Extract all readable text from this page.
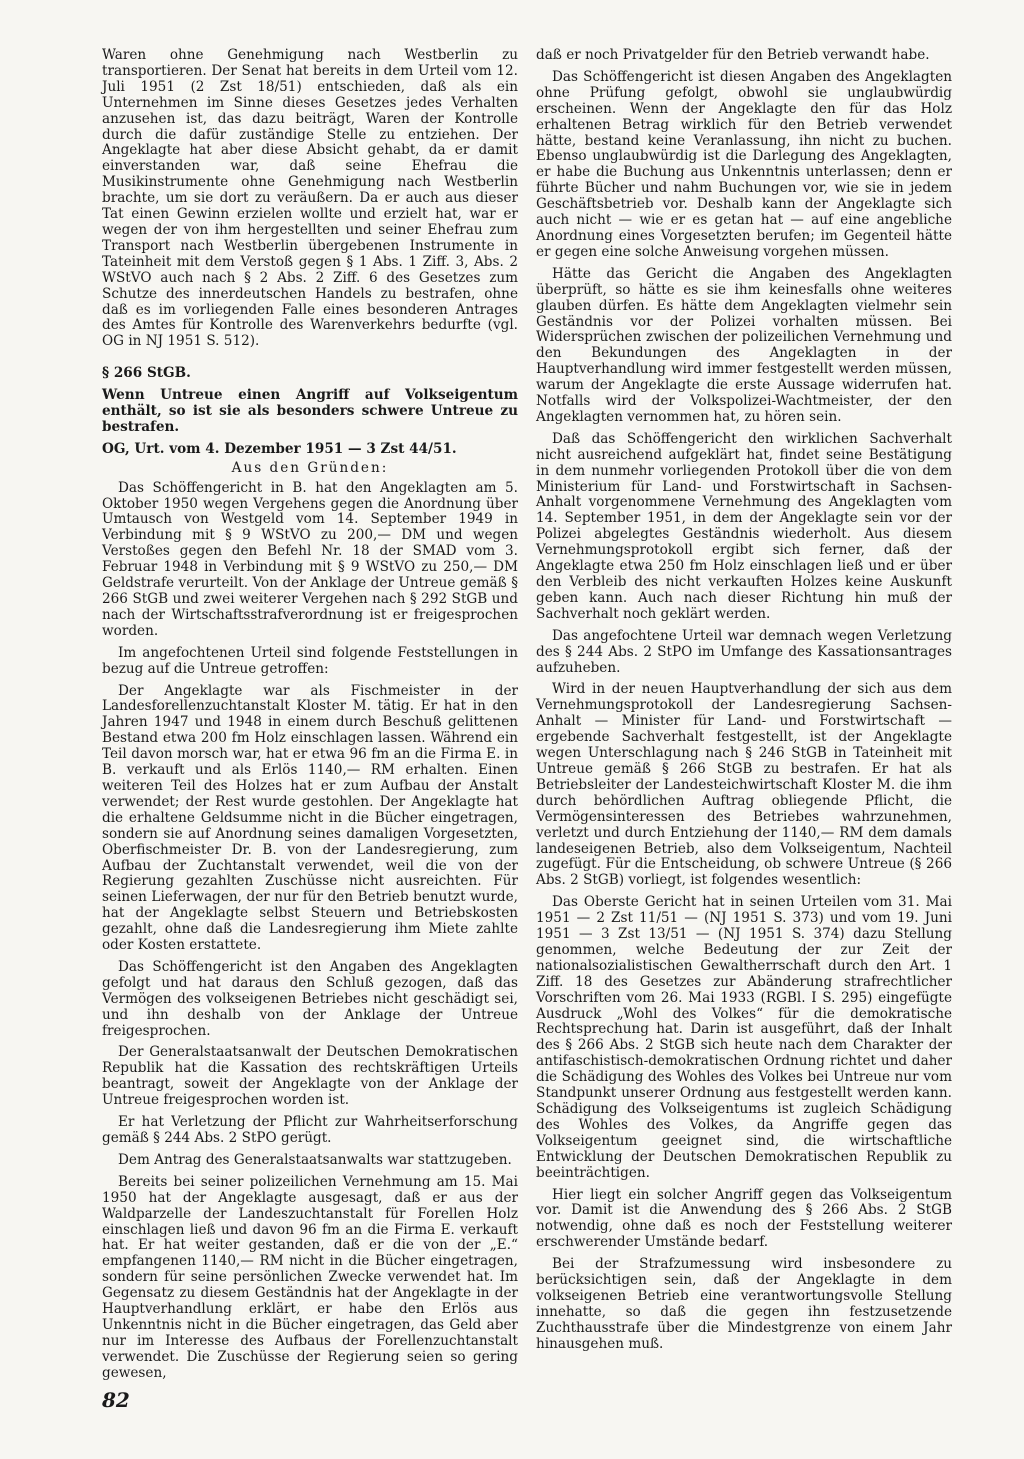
Waren ohne Genehmigung nach Westberlin zu transportieren. Der Senat hat bereits in dem Urteil vom 12. Juli 1951 (2 Zst 18/51) entschieden, daß als ein Unternehmen im Sinne dieses Gesetzes jedes Verhalten anzusehen ist, das dazu beiträgt, Waren der Kontrolle durch die dafür zuständige Stelle zu entziehen. Der Angeklagte hat aber diese Absicht gehabt, da er damit einverstanden war, daß seine Ehefrau die Musikinstrumente ohne Genehmigung nach Westberlin brachte, um sie dort zu veräußern. Da er auch aus dieser Tat einen Gewinn erzielen wollte und erzielt hat, war er wegen der von ihm hergestellten und seiner Ehefrau zum Transport nach Westberlin übergebenen Instrumente in Tateinheit mit dem Verstoß gegen § 1 Abs. 1 Ziff. 3, Abs. 2 WStVO auch nach § 2 Abs. 2 Ziff. 6 des Gesetzes zum Schutze des innerdeutschen Handels zu bestrafen, ohne daß es im vorliegenden Falle eines besonderen Antrages des Amtes für Kontrolle des Warenverkehrs bedurfte (vgl. OG in NJ 1951 S. 512).

§ 266 StGB.

Wenn Untreue einen Angriff auf Volkseigentum enthält, so ist sie als besonders schwere Untreue zu bestrafen.

OG, Urt. vom 4. Dezember 1951 — 3 Zst 44/51.

Aus den Gründen:

Das Schöffengericht in B. hat den Angeklagten am 5. Oktober 1950 wegen Vergehens gegen die Anordnung über Umtausch von Westgeld vom 14. September 1949 in Verbindung mit § 9 WStVO zu 200,— DM und wegen Verstoßes gegen den Befehl Nr. 18 der SMAD vom 3. Februar 1948 in Verbindung mit § 9 WStVO zu 250,— DM Geldstrafe verurteilt. Von der Anklage der Untreue gemäß § 266 StGB und zwei weiterer Vergehen nach § 292 StGB und nach der Wirtschaftsstrafverordnung ist er freigesprochen worden.

Im angefochtenen Urteil sind folgende Feststellungen in bezug auf die Untreue getroffen:

Der Angeklagte war als Fischmeister in der Landesforellenzuchtanstalt Kloster M. tätig. Er hat in den Jahren 1947 und 1948 in einem durch Beschuß gelittenen Bestand etwa 200 fm Holz einschlagen lassen. Während ein Teil davon morsch war, hat er etwa 96 fm an die Firma E. in B. verkauft und als Erlös 1140,— RM erhalten. Einen weiteren Teil des Holzes hat er zum Aufbau der Anstalt verwendet; der Rest wurde gestohlen. Der Angeklagte hat die erhaltene Geldsumme nicht in die Bücher eingetragen, sondern sie auf Anordnung seines damaligen Vorgesetzten, Oberfischmeister Dr. B. von der Landesregierung, zum Aufbau der Zuchtanstalt verwendet, weil die von der Regierung gezahlten Zuschüsse nicht ausreichten. Für seinen Lieferwagen, der nur für den Betrieb benutzt wurde, hat der Angeklagte selbst Steuern und Betriebskosten gezahlt, ohne daß die Landesregierung ihm Miete zahlte oder Kosten erstattete.

Das Schöffengericht ist den Angaben des Angeklagten gefolgt und hat daraus den Schluß gezogen, daß das Vermögen des volkseigenen Betriebes nicht geschädigt sei, und ihn deshalb von der Anklage der Untreue freigesprochen.

Der Generalstaatsanwalt der Deutschen Demokratischen Republik hat die Kassation des rechtskräftigen Urteils beantragt, soweit der Angeklagte von der Anklage der Untreue freigesprochen worden ist.

Er hat Verletzung der Pflicht zur Wahrheitserforschung gemäß § 244 Abs. 2 StPO gerügt.

Dem Antrag des Generalstaatsanwalts war stattzugeben.

Bereits bei seiner polizeilichen Vernehmung am 15. Mai 1950 hat der Angeklagte ausgesagt, daß er aus der Waldparzelle der Landeszuchtanstalt für Forellen Holz einschlagen ließ und davon 96 fm an die Firma E. verkauft hat. Er hat weiter gestanden, daß er die von der „E.“ empfangenen 1140,— RM nicht in die Bücher eingetragen, sondern für seine persönlichen Zwecke verwendet hat. Im Gegensatz zu diesem Geständnis hat der Angeklagte in der Hauptverhandlung erklärt, er habe den Erlös aus Unkenntnis nicht in die Bücher eingetragen, das Geld aber nur im Interesse des Aufbaus der Forellenzuchtanstalt verwendet. Die Zuschüsse der Regierung seien so gering gewesen,

daß er noch Privatgelder für den Betrieb verwandt habe.

Das Schöffengericht ist diesen Angaben des Angeklagten ohne Prüfung gefolgt, obwohl sie unglaubwürdig erscheinen. Wenn der Angeklagte den für das Holz erhaltenen Betrag wirklich für den Betrieb verwendet hätte, bestand keine Veranlassung, ihn nicht zu buchen. Ebenso unglaubwürdig ist die Darlegung des Angeklagten, er habe die Buchung aus Unkenntnis unterlassen; denn er führte Bücher und nahm Buchungen vor, wie sie in jedem Geschäftsbetrieb vor. Deshalb kann der Angeklagte sich auch nicht — wie er es getan hat — auf eine angebliche Anordnung eines Vorgesetzten berufen; im Gegenteil hätte er gegen eine solche Anweisung vorgehen müssen.

Hätte das Gericht die Angaben des Angeklagten überprüft, so hätte es sie ihm keinesfalls ohne weiteres glauben dürfen. Es hätte dem Angeklagten vielmehr sein Geständnis vor der Polizei vorhalten müssen. Bei Widersprüchen zwischen der polizeilichen Vernehmung und den Bekundungen des Angeklagten in der Hauptverhandlung wird immer festgestellt werden müssen, warum der Angeklagte die erste Aussage widerrufen hat. Notfalls wird der Volkspolizei-Wachtmeister, der den Angeklagten vernommen hat, zu hören sein.

Daß das Schöffengericht den wirklichen Sachverhalt nicht ausreichend aufgeklärt hat, findet seine Bestätigung in dem nunmehr vorliegenden Protokoll über die von dem Ministerium für Land- und Forstwirtschaft in Sachsen-Anhalt vorgenommene Vernehmung des Angeklagten vom 14. September 1951, in dem der Angeklagte sein vor der Polizei abgelegtes Geständnis wiederholt. Aus diesem Vernehmungsprotokoll ergibt sich ferner, daß der Angeklagte etwa 250 fm Holz einschlagen ließ und er über den Verbleib des nicht verkauften Holzes keine Auskunft geben kann. Auch nach dieser Richtung hin muß der Sachverhalt noch geklärt werden.

Das angefochtene Urteil war demnach wegen Verletzung des § 244 Abs. 2 StPO im Umfange des Kassationsantrages aufzuheben.

Wird in der neuen Hauptverhandlung der sich aus dem Vernehmungsprotokoll der Landesregierung Sachsen-Anhalt — Minister für Land- und Forstwirtschaft — ergebende Sachverhalt festgestellt, ist der Angeklagte wegen Unterschlagung nach § 246 StGB in Tateinheit mit Untreue gemäß § 266 StGB zu bestrafen. Er hat als Betriebsleiter der Landesteichwirtschaft Kloster M. die ihm durch behördlichen Auftrag obliegende Pflicht, die Vermögensinteressen des Betriebes wahrzunehmen, verletzt und durch Entziehung der 1140,— RM dem damals landeseigenen Betrieb, also dem Volkseigentum, Nachteil zugefügt. Für die Entscheidung, ob schwere Untreue (§ 266 Abs. 2 StGB) vorliegt, ist folgendes wesentlich:

Das Oberste Gericht hat in seinen Urteilen vom 31. Mai 1951 — 2 Zst 11/51 — (NJ 1951 S. 373) und vom 19. Juni 1951 — 3 Zst 13/51 — (NJ 1951 S. 374) dazu Stellung genommen, welche Bedeutung der zur Zeit der nationalsozialistischen Gewaltherrschaft durch den Art. 1 Ziff. 18 des Gesetzes zur Abänderung strafrechtlicher Vorschriften vom 26. Mai 1933 (RGBl. I S. 295) eingefügte Ausdruck „Wohl des Volkes“ für die demokratische Rechtsprechung hat. Darin ist ausgeführt, daß der Inhalt des § 266 Abs. 2 StGB sich heute nach dem Charakter der antifaschistisch-demokratischen Ordnung richtet und daher die Schädigung des Wohles des Volkes bei Untreue nur vom Standpunkt unserer Ordnung aus festgestellt werden kann. Schädigung des Volkseigentums ist zugleich Schädigung des Wohles des Volkes, da Angriffe gegen das Volkseigentum geeignet sind, die wirtschaftliche Entwicklung der Deutschen Demokratischen Republik zu beeinträchtigen.

Hier liegt ein solcher Angriff gegen das Volkseigentum vor. Damit ist die Anwendung des § 266 Abs. 2 StGB notwendig, ohne daß es noch der Feststellung weiterer erschwerender Umstände bedarf.

Bei der Strafzumessung wird insbesondere zu berücksichtigen sein, daß der Angeklagte in dem volkseigenen Betrieb eine verantwortungsvolle Stellung innehatte, so daß die gegen ihn festzusetzende Zuchthausstrafe über die Mindestgrenze von einem Jahr hinausgehen muß.

82
